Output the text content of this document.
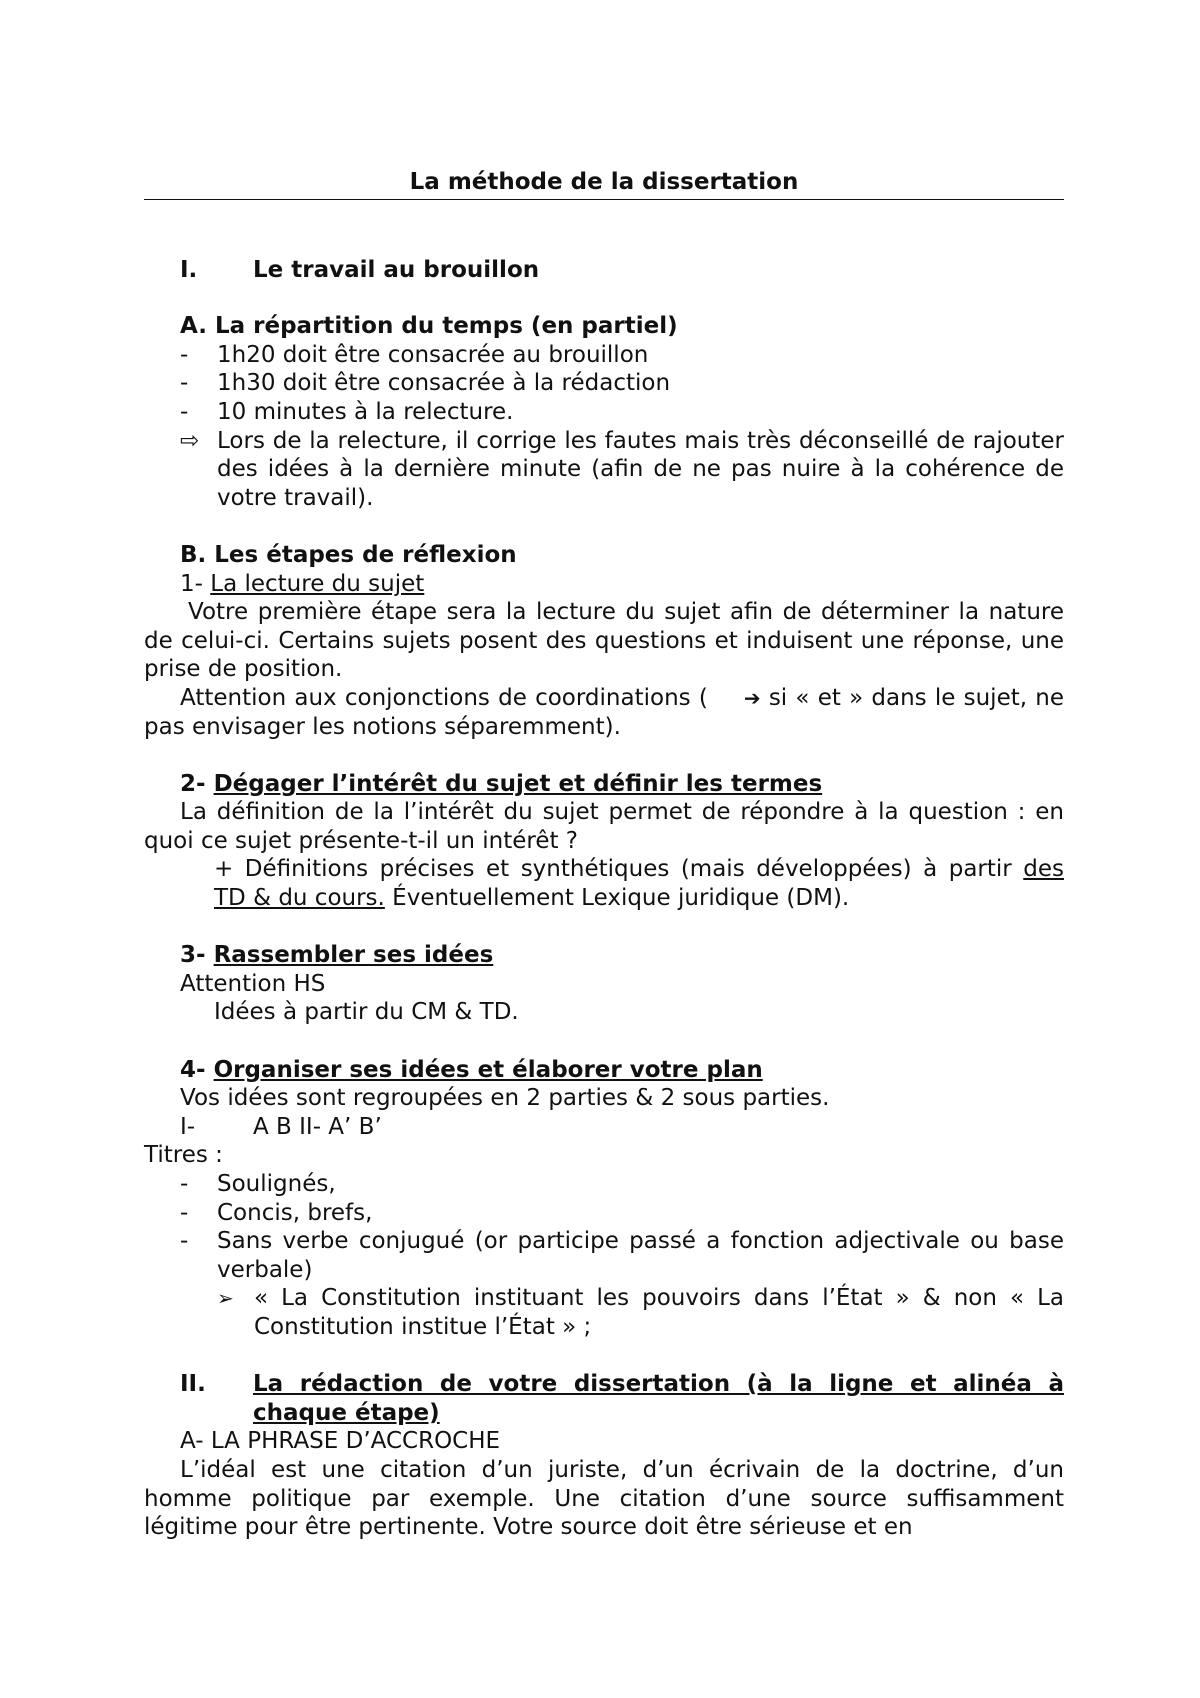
La méthode de la dissertation
I.	Le travail au brouillon
A. La répartition du temps (en partiel)
-	1h20 doit être consacrée au brouillon
-	1h30 doit être consacrée à la rédaction
-	10 minutes à la relecture.
⇨ Lors de la relecture, il corrige les fautes mais très déconseillé de rajouter des idées à la dernière minute (afin de ne pas nuire à la cohérence de votre travail).
B. Les étapes de réflexion
1- La lecture du sujet
Votre première étape sera la lecture du sujet afin de déterminer la nature de celui-ci. Certains sujets posent des questions et induisent une réponse, une prise de position.
Attention aux conjonctions de coordinations ( ➔ si « et » dans le sujet, ne pas envisager les notions séparemment).
2- Dégager l’intérêt du sujet et définir les termes
La définition de la l’intérêt du sujet permet de répondre à la question : en quoi ce sujet présente-t-il un intérêt ?
+ Définitions précises et synthétiques (mais développées) à partir des TD & du cours. Éventuellement Lexique juridique (DM).
3- Rassembler ses idées
Attention HS
Idées à partir du CM & TD.
4- Organiser ses idées et élaborer votre plan
Vos idées sont regroupées en 2 parties & 2 sous parties.
I-	A B II- A’ B’
Titres :
-	Soulignés,
-	Concis, brefs,
-	Sans verbe conjugué (or participe passé a fonction adjectivale ou base verbale)
➢ « La Constitution instituant les pouvoirs dans l’État » & non « La Constitution institue l’État » ;
II.	La rédaction de votre dissertation (à la ligne et alinéa à chaque étape)
A- LA PHRASE D’ACCROCHE
L’idéal est une citation d’un juriste, d’un écrivain de la doctrine, d’un homme politique par exemple. Une citation d’une source suffisamment légitime pour être pertinente. Votre source doit être sérieuse et en
